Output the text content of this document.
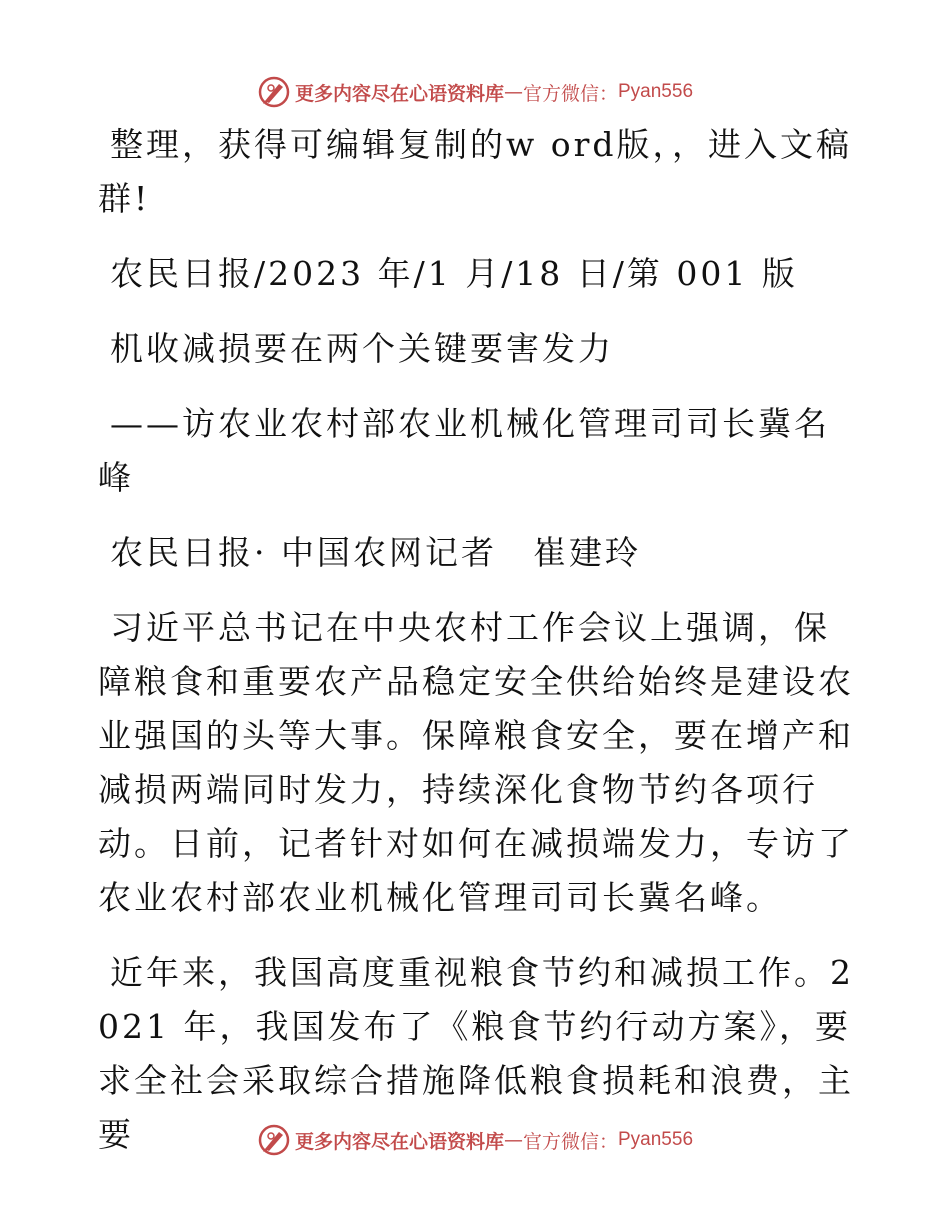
更多内容尽在心语资料库 — 官方微信： Pyan556

整理，获得可编辑复制的w ord版，，进入文稿群!

农民日报/2023 年/1 月/18 日/第 001 版

机收减损要在两个关键要害发力

——访农业农村部农业机械化管理司司长冀名峰

农民日报· 中国农网记者　崔建玲

习近平总书记在中央农村工作会议上强调，保障粮食和重要农产品稳定安全供给始终是建设农业强国的头等大事。保障粮食安全，要在增产和减损两端同时发力，持续深化食物节约各项行动。日前，记者针对如何在减损端发力，专访了农业农村部农业机械化管理司司长冀名峰。

近年来，我国高度重视粮食节约和减损工作。2021 年，我国发布了《粮食节约行动方案》，要求全社会采取综合措施降低粮食损耗和浪费，主要	更多内容尽在心语资料库 — 官方微信： Pyan556
